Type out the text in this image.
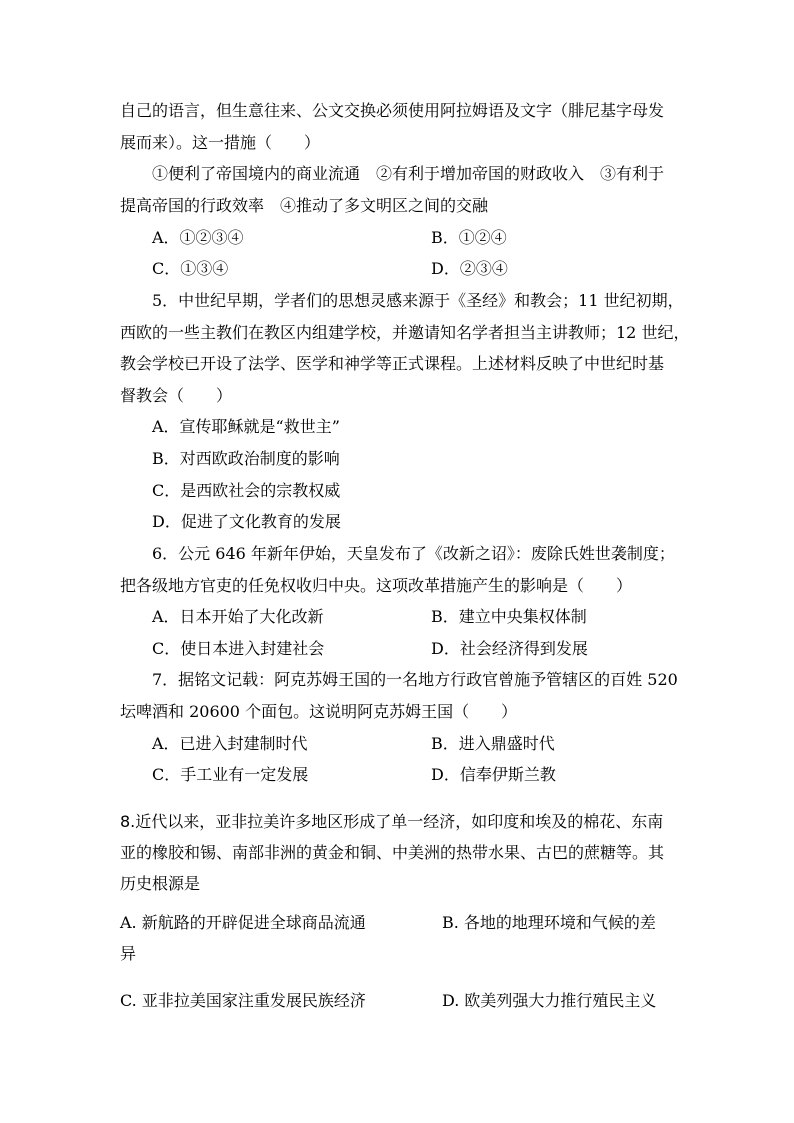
自己的语言，但生意往来、公文交换必须使用阿拉姆语及文字（腓尼基字母发
展而来）。这一措施（　　）
①便利了帝国境内的商业流通　②有利于增加帝国的财政收入　③有利于
提高帝国的行政效率　④推动了多文明区之间的交融
A．①②③④	B．①②④
C．①③④	D．②③④
5．中世纪早期，学者们的思想灵感来源于《圣经》和教会；11 世纪初期，
西欧的一些主教们在教区内组建学校，并邀请知名学者担当主讲教师；12 世纪，
教会学校已开设了法学、医学和神学等正式课程。上述材料反映了中世纪时基
督教会（　　）
A．宣传耶稣就是“救世主”
B．对西欧政治制度的影响
C．是西欧社会的宗教权威
D．促进了文化教育的发展
6．公元 646 年新年伊始，天皇发布了《改新之诏》：废除氏姓世袭制度；
把各级地方官吏的任免权收归中央。这项改革措施产生的影响是（　　）
A．日本开始了大化改新	B．建立中央集权体制
C．使日本进入封建社会	D．社会经济得到发展
7．据铭文记载：阿克苏姆王国的一名地方行政官曾施予管辖区的百姓 520
坛啤酒和 20600 个面包。这说明阿克苏姆王国（　　）
A．已进入封建制时代	B．进入鼎盛时代
C．手工业有一定发展	D．信奉伊斯兰教
8.近代以来，亚非拉美许多地区形成了单一经济，如印度和埃及的棉花、东南
亚的橡胶和锡、南部非洲的黄金和铜、中美洲的热带水果、古巴的蔗糖等。其
历史根源是
A. 新航路的开辟促进全球商品流通	B. 各地的地理环境和气候的差
异
C. 亚非拉美国家注重发展民族经济	D. 欧美列强大力推行殖民主义
